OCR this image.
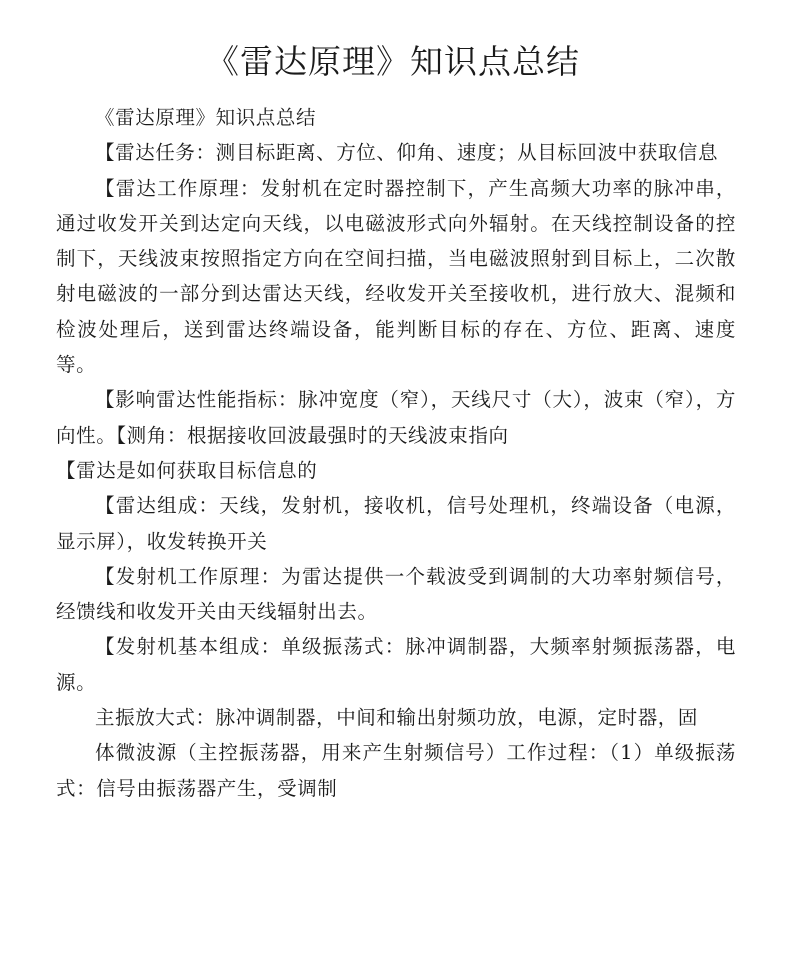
《雷达原理》知识点总结

《雷达原理》知识点总结

【雷达任务：测目标距离、方位、仰角、速度；从目标回波中获取信息

【雷达工作原理：发射机在定时器控制下，产生高频大功率的脉冲串，通过收发开关到达定向天线，以电磁波形式向外辐射。在天线控制设备的控制下，天线波束按照指定方向在空间扫描，当电磁波照射到目标上，二次散射电磁波的一部分到达雷达天线，经收发开关至接收机，进行放大、混频和检波处理后，送到雷达终端设备，能判断目标的存在、方位、距离、速度等。

【影响雷达性能指标：脉冲宽度（窄），天线尺寸（大），波束（窄），方向性。【测角：根据接收回波最强时的天线波束指向

【雷达是如何获取目标信息的

【雷达组成：天线，发射机，接收机，信号处理机，终端设备（电源，显示屏），收发转换开关

【发射机工作原理：为雷达提供一个载波受到调制的大功率射频信号，经馈线和收发开关由天线辐射出去。

【发射机基本组成：单级振荡式：脉冲调制器，大频率射频振荡器，电源。

主振放大式：脉冲调制器，中间和输出射频功放，电源，定时器，固

体微波源（主控振荡器，用来产生射频信号）工作过程：（1）单级振荡式：信号由振荡器产生，受调制
